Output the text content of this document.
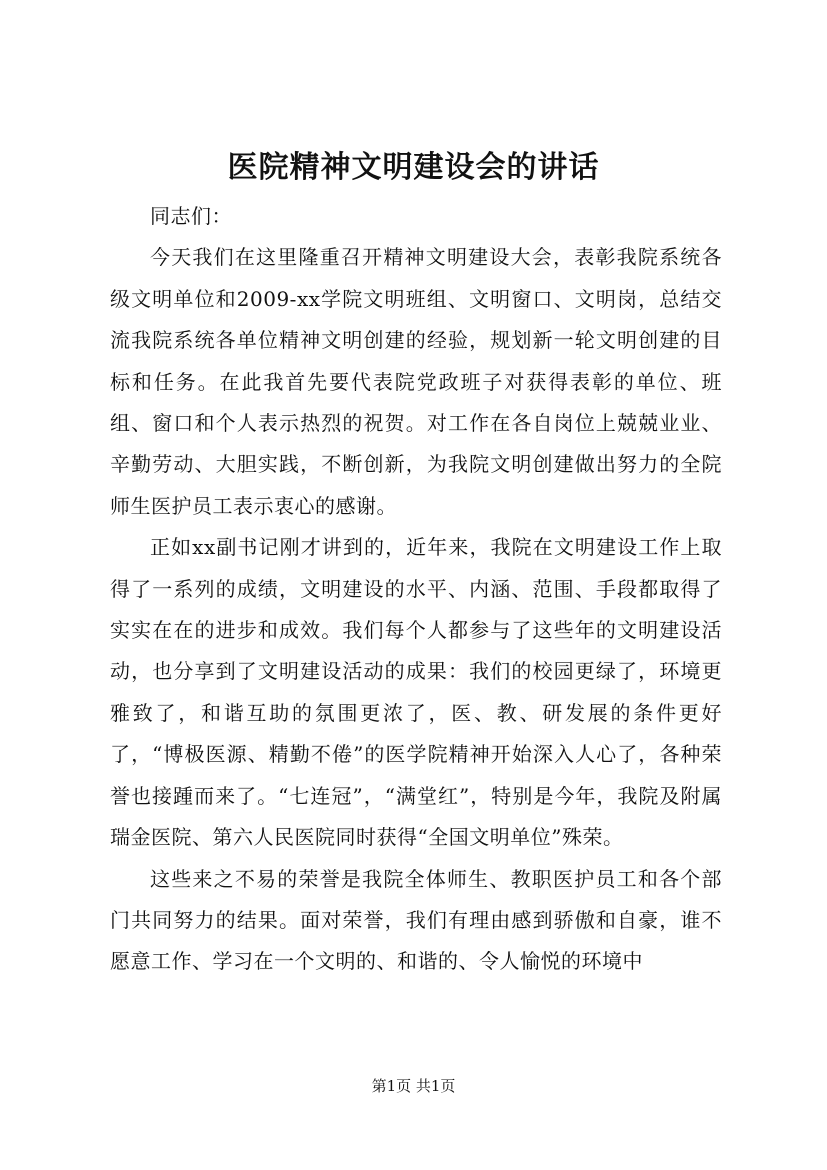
医院精神文明建设会的讲话

同志们：

今天我们在这里隆重召开精神文明建设大会，表彰我院系统各级文明单位和2009-xx学院文明班组、文明窗口、文明岗，总结交流我院系统各单位精神文明创建的经验，规划新一轮文明创建的目标和任务。在此我首先要代表院党政班子对获得表彰的单位、班组、窗口和个人表示热烈的祝贺。对工作在各自岗位上兢兢业业、辛勤劳动、大胆实践，不断创新，为我院文明创建做出努力的全院师生医护员工表示衷心的感谢。

正如xx副书记刚才讲到的，近年来，我院在文明建设工作上取得了一系列的成绩，文明建设的水平、内涵、范围、手段都取得了实实在在的进步和成效。我们每个人都参与了这些年的文明建设活动，也分享到了文明建设活动的成果：我们的校园更绿了，环境更雅致了，和谐互助的氛围更浓了，医、教、研发展的条件更好了，“博极医源、精勤不倦”的医学院精神开始深入人心了，各种荣誉也接踵而来了。“七连冠”，“满堂红”，特别是今年，我院及附属瑞金医院、第六人民医院同时获得“全国文明单位”殊荣。

这些来之不易的荣誉是我院全体师生、教职医护员工和各个部门共同努力的结果。面对荣誉，我们有理由感到骄傲和自豪，谁不愿意工作、学习在一个文明的、和谐的、令人愉悦的环境中

第1页 共1页
